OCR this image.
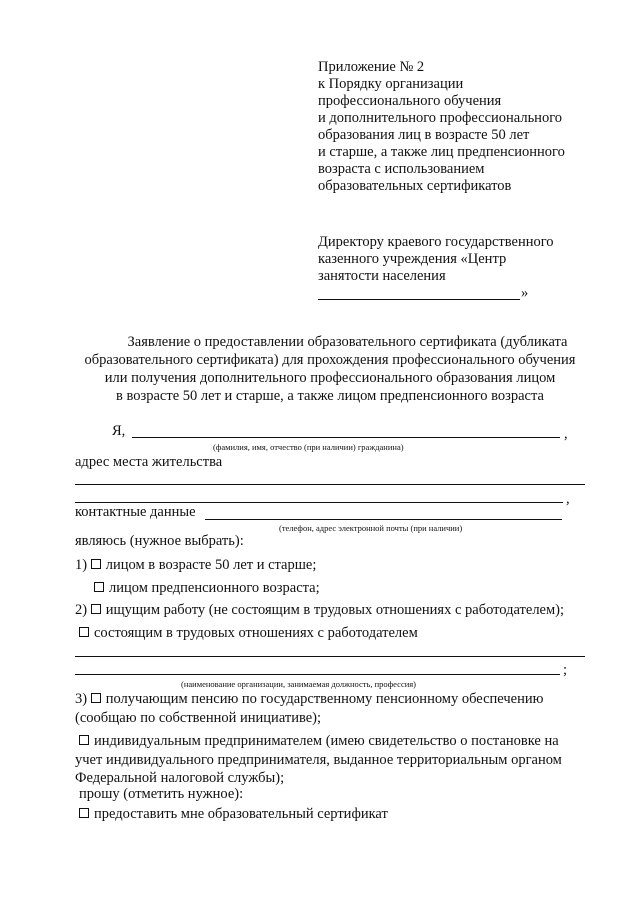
Приложение № 2
к Порядку организации
профессионального обучения
и дополнительного профессионального
образования лиц в возрасте 50 лет
и старше, а также лиц предпенсионного
возраста с использованием
образовательных сертификатов
Директору краевого государственного
казенного учреждения «Центр
занятости населения
»
Заявление о предоставлении образовательного сертификата (дубликата
образовательного сертификата) для прохождения профессионального обучения
или получения дополнительного профессионального образования лицом
в возрасте 50 лет и старше, а также лицом предпенсионного возраста
Я,	,
(фамилия, имя, отчество (при наличии) гражданина)
адрес места жительства
,
контактные данные
(телефон, адрес электронной почты (при наличии)
являюсь (нужное выбрать):
1) лицом в возрасте 50 лет и старше;
лицом предпенсионного возраста;
2) ищущим работу (не состоящим в трудовых отношениях с работодателем);
состоящим в трудовых отношениях с работодателем
;
(наименование организации, занимаемая должность, профессия)
3) получающим пенсию по государственному пенсионному обеспечению
(сообщаю по собственной инициативе);
индивидуальным предпринимателем (имею свидетельство о постановке на
учет индивидуального предпринимателя, выданное территориальным органом
Федеральной налоговой службы);
прошу (отметить нужное):
предоставить мне образовательный сертификат
